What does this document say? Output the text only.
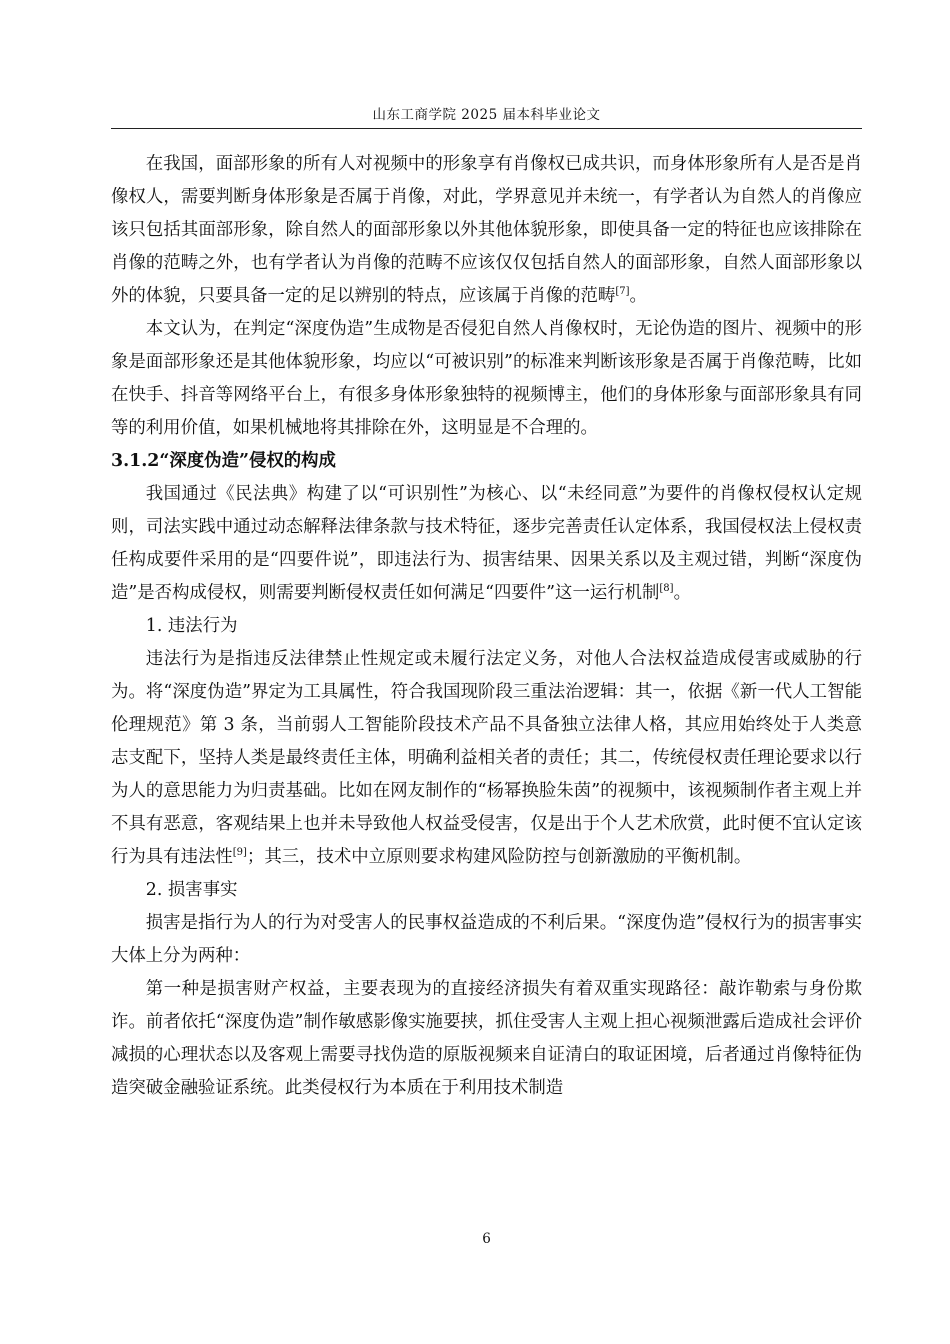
山东工商学院 2025 届本科毕业论文

在我国，面部形象的所有人对视频中的形象享有肖像权已成共识，而身体形象所有人是否是肖像权人，需要判断身体形象是否属于肖像，对此，学界意见并未统一，有学者认为自然人的肖像应该只包括其面部形象，除自然人的面部形象以外其他体貌形象，即使具备一定的特征也应该排除在肖像的范畴之外，也有学者认为肖像的范畴不应该仅仅包括自然人的面部形象，自然人面部形象以外的体貌，只要具备一定的足以辨别的特点，应该属于肖像的范畴[7]。

本文认为，在判定“深度伪造”生成物是否侵犯自然人肖像权时，无论伪造的图片、视频中的形象是面部形象还是其他体貌形象，均应以“可被识别”的标准来判断该形象是否属于肖像范畴，比如在快手、抖音等网络平台上，有很多身体形象独特的视频博主，他们的身体形象与面部形象具有同等的利用价值，如果机械地将其排除在外，这明显是不合理的。

3.1.2“深度伪造”侵权的构成

我国通过《民法典》构建了以“可识别性”为核心、以“未经同意”为要件的肖像权侵权认定规则，司法实践中通过动态解释法律条款与技术特征，逐步完善责任认定体系，我国侵权法上侵权责任构成要件采用的是“四要件说”，即违法行为、损害结果、因果关系以及主观过错，判断“深度伪造”是否构成侵权，则需要判断侵权责任如何满足“四要件”这一运行机制[8]。

1. 违法行为

违法行为是指违反法律禁止性规定或未履行法定义务，对他人合法权益造成侵害或威胁的行为。将“深度伪造”界定为工具属性，符合我国现阶段三重法治逻辑：其一，依据《新一代人工智能伦理规范》第 3 条，当前弱人工智能阶段技术产品不具备独立法律人格，其应用始终处于人类意志支配下，坚持人类是最终责任主体，明确利益相关者的责任；其二，传统侵权责任理论要求以行为人的意思能力为归责基础。比如在网友制作的“杨幂换脸朱茵”的视频中，该视频制作者主观上并不具有恶意，客观结果上也并未导致他人权益受侵害，仅是出于个人艺术欣赏，此时便不宜认定该行为具有违法性[9]；其三，技术中立原则要求构建风险防控与创新激励的平衡机制。

2. 损害事实

损害是指行为人的行为对受害人的民事权益造成的不利后果。“深度伪造”侵权行为的损害事实大体上分为两种：

第一种是损害财产权益，主要表现为的直接经济损失有着双重实现路径：敲诈勒索与身份欺诈。前者依托“深度伪造”制作敏感影像实施要挟，抓住受害人主观上担心视频泄露后造成社会评价减损的心理状态以及客观上需要寻找伪造的原版视频来自证清白的取证困境，后者通过肖像特征伪造突破金融验证系统。此类侵权行为本质在于利用技术制造

6
